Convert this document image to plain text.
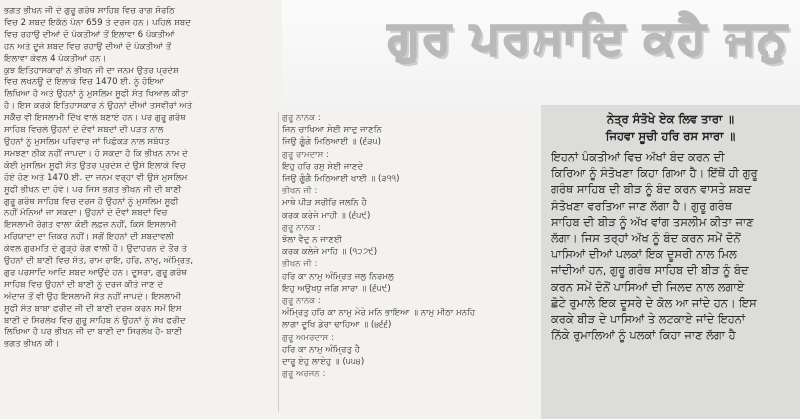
ਭਗਤ ਭੀਖਨ ਜੀ ਦੇ ਗੁਰੂ ਗਰੰਥ ਸਾਹਿਬ ਵਿਚ ਰਾਗ ਸੋਰਠਿ
ਵਿਚ 2 ਸ਼ਬਦ ਇਕੱਠੇ ਪੰਨਾ 659 ਤੇ ਦਰਜ ਹਨ। ਪਹਿਲੇ ਸ਼ਬਦ
ਵਿਚ ਰਹਾਉ ਦੀਆਂ ਦੋ ਪੰਕਤੀਆਂ ਤੋਂ ਇਲਾਵਾ 6 ਪੰਕਤੀਆਂ
ਹਨ ਅਤੇ ਦੂਜੇ ਸ਼ਬਦ ਵਿਚ ਰਹਾਉ ਦੀਆਂ ਦੋ ਪੰਕਤੀਆਂ ਤੋਂ
ਇਲਾਵਾ ਕੇਵਲ 4 ਪੰਕਤੀਆਂ ਹਨ।
ਕੁਝ ਇਤਿਹਾਸਕਾਰਾਂ ਨੇ ਭੀਖਨ ਜੀ ਦਾ ਜਨਮ ਉਤਰ ਪ੍ਰਦੇਸ਼
ਵਿਚ ਲਖਨਊ ਦੇ ਇਲਾਕੇ ਵਿਚ 1470 ਈ. ਨੂੰ ਹੋਇਆ
ਲਿਖਿਆ ਹੈ ਅਤੇ ਉਹਨਾਂ ਨੂੰ ਮੁਸਲਿਮ ਸੂਫੀ ਸੰਤ ਖਿਆਲ ਕੀਤਾ
ਹੈ। ਇਸ ਕਰਕੇ ਇਤਿਹਾਸਕਾਰ ਨੇ ਉਹਨਾਂ ਦੀਆਂ ਤਸਵੀਰਾਂ ਅਤੇ
ਸਕੈੱਚ ਵੀ ਇਸਲਾਮੀ ਦਿੱਖ ਵਾਲੇ ਬਣਾਏ ਹਨ। ਪਰ ਗੁਰੂ ਗਰੰਥ
ਸਾਹਿਬ ਵਿਚਲੇ ਉਹਨਾਂ ਦੇ ਦੋਵਾਂ ਸ਼ਬਦਾਂ ਦੀ ਪੜਤ ਨਾਲ
ਉਹਨਾਂ ਨੂੰ ਮੁਸਲਿਮ ਪਰਿਵਾਰ ਜਾਂ ਪਿਛੋਕੜ ਨਾਲ ਸਬੰਧਤ
ਸਮਝਣਾ ਠੀਕ ਨਹੀਂ ਜਾਪਦਾ। ਹੋ ਸਕਦਾ ਹੈ ਕਿ ਭੀਖਨ ਨਾਮ ਦੇ
ਕੋਈ ਮੁਸਲਿਮ ਸੂਫੀ ਸੰਤ ਉਤਰ ਪ੍ਰਦੇਸ਼ ਦੇ ਉਸੇ ਇਲਾਕੇ ਵਿਚ
ਹੋਏ ਹੋਣ ਅਤੇ 1470 ਈ. ਦਾ ਜਨਮ ਵਰ੍ਹਾ ਵੀ ਉਸੇ ਮੁਸਲਿਮ
ਸੂਫੀ ਭੀਖਨ ਦਾ ਹੋਵੇ। ਪਰ ਜਿਸ ਭਗਤ ਭੀਖਨ ਜੀ ਦੀ ਬਾਣੀ
ਗੁਰੂ ਗਰੰਥ ਸਾਹਿਬ ਵਿਚ ਦਰਜ ਹੈ ਉਹਨਾਂ ਨੂੰ ਮੁਸਲਿਮ ਸੂਫੀ
ਨਹੀਂ ਮੰਨਿਆਂ ਜਾ ਸਕਦਾ। ਉਹਨਾਂ ਦੇ ਦੋਵਾਂ ਸ਼ਬਦਾਂ ਵਿਚ
ਇਸਲਾਮੀ ਰੰਗਤ ਵਾਲਾ ਕੋਈ ਲਫ਼ਜ਼ ਨਹੀਂ, ਕਿਸੇ ਇਸਲਾਮੀ
ਮਰਿਯਾਦਾ ਦਾ ਜ਼ਿਕਰ ਨਹੀਂ। ਸਗੋਂ ਇਹਨਾਂ ਦੀ ਸ਼ਬਦਾਵਲੀ
ਕੇਵਲ ਗੁਰਮਤਿ ਦੇ ਗੂੜ੍ਹੇ ਰੰਗ ਵਾਲੀ ਹੈ। ਉਦਾਹਰਨ ਦੇ ਤੌਰ ਤੇ
ਉਹਨਾਂ ਦੀ ਬਾਣੀ ਵਿਚ ਸੰਤ, ਰਾਮ ਰਾਇ, ਹਰਿ, ਨਾਮੁ, ਅੰਮ੍ਰਿਤ,
ਗੁਰ ਪਰਸਾਦਿ ਆਦਿ ਸ਼ਬਦ ਆਉਂਦੇ ਹਨ। ਦੂਸਰਾ, ਗੁਰੂ ਗਰੰਥ
ਸਾਹਿਬ ਵਿਚ ਉਹਨਾਂ ਦੀ ਬਾਣੀ ਨੂੰ ਦਰਜ ਕੀਤੇ ਜਾਣ ਦੇ
ਅੰਦਾਜ਼ ਤੋਂ ਵੀ ਉਹ ਇਸਲਾਮੀ ਸੰਤ ਨਹੀਂ ਜਾਪਦੇ। ਇਸਲਾਮੀ
ਸੂਫੀ ਸੰਤ ਬਾਬਾ ਫਰੀਦ ਜੀ ਦੀ ਬਾਣੀ ਦਰਜ ਕਰਨ ਸਮੇਂ ਇਸ
ਬਾਣੀ ਦੇ ਸਿਰਲੇਖ ਵਿਚ ਗੁਰੂ ਸਾਹਿਬ ਨੇ ਉਹਨਾਂ ਨੂੰ ਸ਼ੇਖ ਫਰੀਦ
ਲਿਖਿਆ ਹੈ ਪਰ ਭੀਖਨ ਜੀ ਦਾ ਬਾਣੀ ਦਾ ਸਿਰਲੇਖ ਹੈ- ਬਾਣੀ
ਭਗਤ ਭੀਖਨ ਕੀ।
ਗੁਰ ਪਰਸਾਦਿ ਕਹੈ ਜਨੁ
ਗੁਰੂ ਨਾਨਕ :
ਜਿਨ ਚਾਖਿਆ ਸੇਈ ਸਾਦੁ ਜਾਣਨਿ
ਜਿਉ ਗੂੰਗੇ ਮਿਠਿਆਈ ॥ (੬੩੫)
ਗੁਰੂ ਰਾਮਦਾਸ :
ਇਹੁ ਹਰਿ ਰਸੁ ਸੇਈ ਜਾਣਦੇ
ਜਿਉ ਗੂੰਗੈ ਮਿਠਿਆਈ ਖਾਈ ॥ (੩੧੧)
ਭੀਖਨ ਜੀ :
ਮਾਥੇ ਪੀੜ ਸਰੀਰਿ ਜਲਨਿ ਹੈ
ਕਰਕ ਕਰੇਜੇ ਮਾਹੀ ॥ (੬੫੯)
ਗੁਰੂ ਨਾਨਕ :
ਝੋਲਾ ਵੈਦੁ ਨ ਜਾਣਈ
ਕਰਕ ਕਲੇਜੇ ਮਾਹਿ ॥ (੧੨੭੯)
ਭੀਖਨ ਜੀ :
ਹਰਿ ਕਾ ਨਾਮੁ ਅੰਮ੍ਰਿਤ ਜਲੁ ਨਿਰਮਲੁ
ਇਹੁ ਅਉਖਧੁ ਜਗਿ ਸਾਰਾ ॥ (੬੫੯)
ਗੁਰੂ ਨਾਨਕ :
ਅੰਮ੍ਰਿਤੁ ਹਰਿ ਕਾ ਨਾਮੁ ਮੇਰੇ ਮਨਿ ਭਾਇਆ ॥ ਨਾਮੁ ਮੀਠਾ ਮਨਹਿ
ਲਾਗਾ ਦੂਖਿ ਡੇਰਾ ਢਾਹਿਆ ॥ (੪੬੬)
ਗੁਰੂ ਅਮਰਦਾਸ :
ਹਰਿ ਕਾ ਨਾਮੁ ਅੰਮ੍ਰਿਤੁ ਹੈ
ਦਾਰੂ ਏਹੁ ਲਾਏਹੁ ॥ (੫੫੪)
ਗੁਰੂ ਅਰਜਨ :
ਨੇਤ੍ਰ ਸੰਤੋਖੇ ਏਕ ਲਿਵ ਤਾਰਾ ॥
ਜਿਹਵਾ ਸੂਚੀ ਹਰਿ ਰਸ ਸਾਰਾ ॥
ਇਹਨਾਂ ਪੰਕਤੀਆਂ ਵਿਚ ਅੱਖਾਂ ਬੰਦ ਕਰਨ ਦੀ
ਕਿਰਿਆ ਨੂੰ ਸੰਤੋਖਣਾ ਕਿਹਾ ਗਿਆ ਹੈ। ਇੱਥੋਂ ਹੀ ਗੁਰੂ
ਗਰੰਥ ਸਾਹਿਬ ਦੀ ਬੀੜ ਨੂੰ ਬੰਦ ਕਰਨ ਵਾਸਤੇ ਸ਼ਬਦ
ਸੰਤੋਖਣਾ ਵਰਤਿਆ ਜਾਣ ਲੱਗਾ ਹੈ। ਗੁਰੂ ਗਰੰਥ
ਸਾਹਿਬ ਦੀ ਬੀੜ ਨੂੰ ਅੱਖ ਵਾਂਗ ਤਸਲੀਮ ਕੀਤਾ ਜਾਣ
ਲੱਗਾ। ਜਿਸ ਤਰ੍ਹਾਂ ਅੱਖ ਨੂੰ ਬੰਦ ਕਰਨ ਸਮੇਂ ਦੋਨੋਂ
ਪਾਸਿਆਂ ਦੀਆਂ ਪਲਕਾਂ ਇਕ ਦੂਸਰੀ ਨਾਲ ਮਿਲ
ਜਾਂਦੀਆਂ ਹਨ, ਗੁਰੂ ਗਰੰਥ ਸਾਹਿਬ ਦੀ ਬੀੜ ਨੂੰ ਬੰਦ
ਕਰਨ ਸਮੇਂ ਦੋਨੋਂ ਪਾਸਿਆਂ ਦੀ ਜਿਲਦ ਨਾਲ ਲਗਾਏ
ਛੋਟੇ ਰੁਮਾਲੇ ਇਕ ਦੂਸਰੇ ਦੇ ਕੋਲ ਆ ਜਾਂਦੇ ਹਨ। ਇਸ
ਕਰਕੇ ਬੀੜ ਦੇ ਪਾਸਿਆਂ ਤੇ ਲਟਕਾਏ ਜਾਂਦੇ ਇਹਨਾਂ
ਨਿੱਕੇ ਰੁਮਾਲਿਆਂ ਨੂੰ ਪਲਕਾਂ ਕਿਹਾ ਜਾਣ ਲੱਗਾ ਹੈ
